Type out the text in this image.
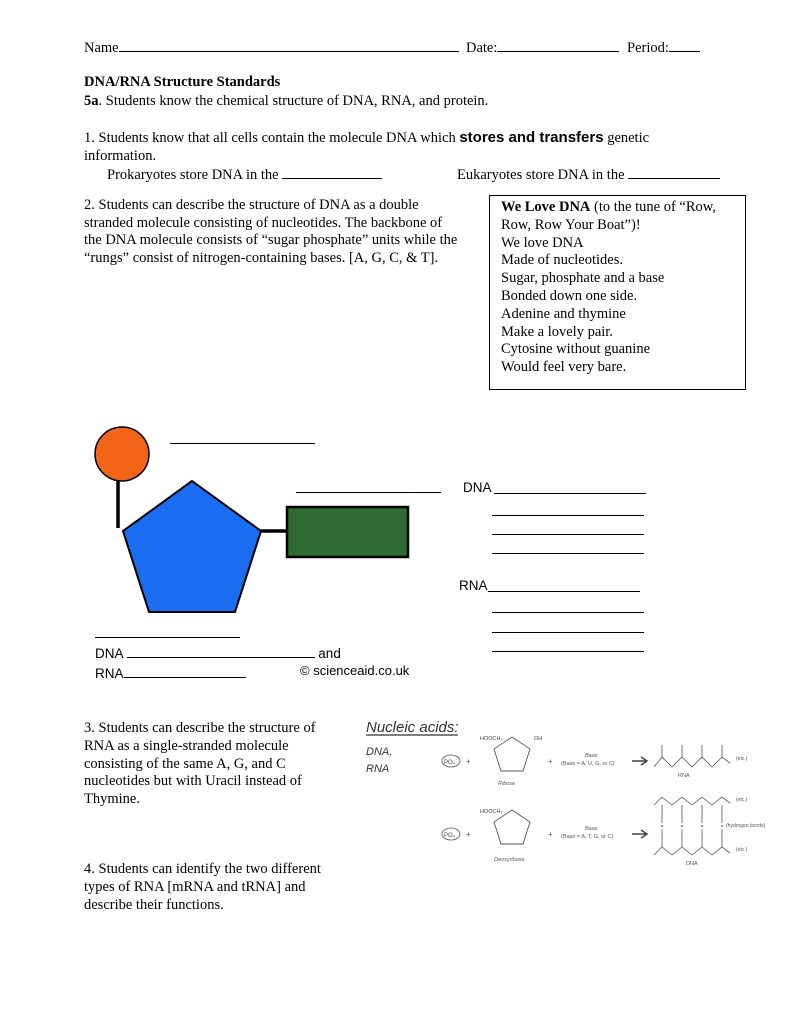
Name	Date:	Period:
DNA/RNA Structure Standards
5a. Students know the chemical structure of DNA, RNA, and protein.
1. Students know that all cells contain the molecule DNA which stores and transfers genetic
information.
Prokaryotes store DNA in the	Eukaryotes store DNA in the
2. Students can describe the structure of DNA as a double
stranded molecule consisting of nucleotides. The backbone of
the DNA molecule consists of “sugar phosphate” units while the
“rungs” consist of nitrogen-containing bases. [A, G, C, & T].
We Love DNA (to the tune of “Row,
Row, Row Your Boat”)!
We love DNA
Made of nucleotides.
Sugar, phosphate and a base
Bonded down one side.
Adenine and thymine
Make a lovely pair.
Cytosine without guanine
Would feel very bare.
DNA	and
RNA	© scienceaid.co.uk
DNA
RNA
3. Students can describe the structure of
RNA as a single-stranded molecule
consisting of the same A, G, and C
nucleotides but with Uracil instead of
Thymine.
4. Students can identify the two different
types of RNA [mRNA and tRNA] and
describe their functions.
Nucleic acids:
DNA,
RNA	PO₄ +
HOOCH₂	OH
Ribose
+
Base
(Base = A, U, G, or C)
(etc.)
RNA
PO₄ +
HOOCH₂
Deoxyribose
+
Base
(Base = A, T, G, or C)
(etc.)
(hydrogen bonds)
(etc.)
DNA
